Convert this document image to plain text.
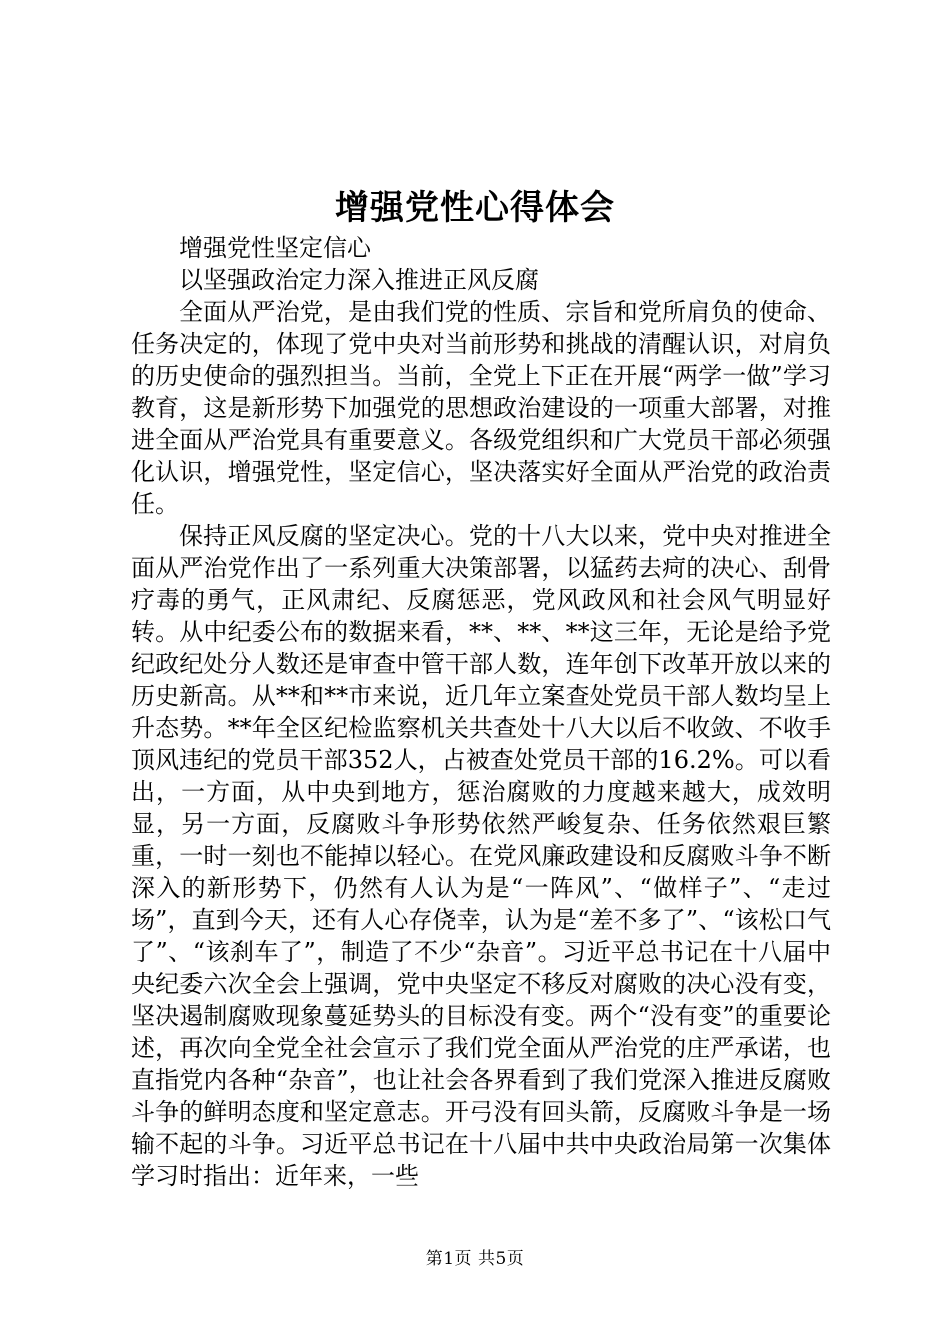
增强党性心得体会

增强党性坚定信心

以坚强政治定力深入推进正风反腐

全面从严治党，是由我们党的性质、宗旨和党所肩负的使命、任务决定的，体现了党中央对当前形势和挑战的清醒认识，对肩负的历史使命的强烈担当。当前，全党上下正在开展“两学一做”学习教育，这是新形势下加强党的思想政治建设的一项重大部署，对推进全面从严治党具有重要意义。各级党组织和广大党员干部必须强化认识，增强党性，坚定信心，坚决落实好全面从严治党的政治责任。

保持正风反腐的坚定决心。党的十八大以来，党中央对推进全面从严治党作出了一系列重大决策部署，以猛药去疴的决心、刮骨疗毒的勇气，正风肃纪、反腐惩恶，党风政风和社会风气明显好转。从中纪委公布的数据来看，**、**、**这三年，无论是给予党纪政纪处分人数还是审查中管干部人数，连年创下改革开放以来的历史新高。从**和**市来说，近几年立案查处党员干部人数均呈上升态势。**年全区纪检监察机关共查处十八大以后不收敛、不收手顶风违纪的党员干部352人，占被查处党员干部的16.2%。可以看出，一方面，从中央到地方，惩治腐败的力度越来越大，成效明显，另一方面，反腐败斗争形势依然严峻复杂、任务依然艰巨繁重，一时一刻也不能掉以轻心。在党风廉政建设和反腐败斗争不断深入的新形势下，仍然有人认为是“一阵风”、“做样子”、“走过场”，直到今天，还有人心存侥幸，认为是“差不多了”、“该松口气了”、“该刹车了”，制造了不少“杂音”。习近平总书记在十八届中央纪委六次全会上强调，党中央坚定不移反对腐败的决心没有变，坚决遏制腐败现象蔓延势头的目标没有变。两个“没有变”的重要论述，再次向全党全社会宣示了我们党全面从严治党的庄严承诺，也直指党内各种“杂音”，也让社会各界看到了我们党深入推进反腐败斗争的鲜明态度和坚定意志。开弓没有回头箭，反腐败斗争是一场输不起的斗争。习近平总书记在十八届中共中央政治局第一次集体学习时指出：近年来，一些

第1页 共5页
